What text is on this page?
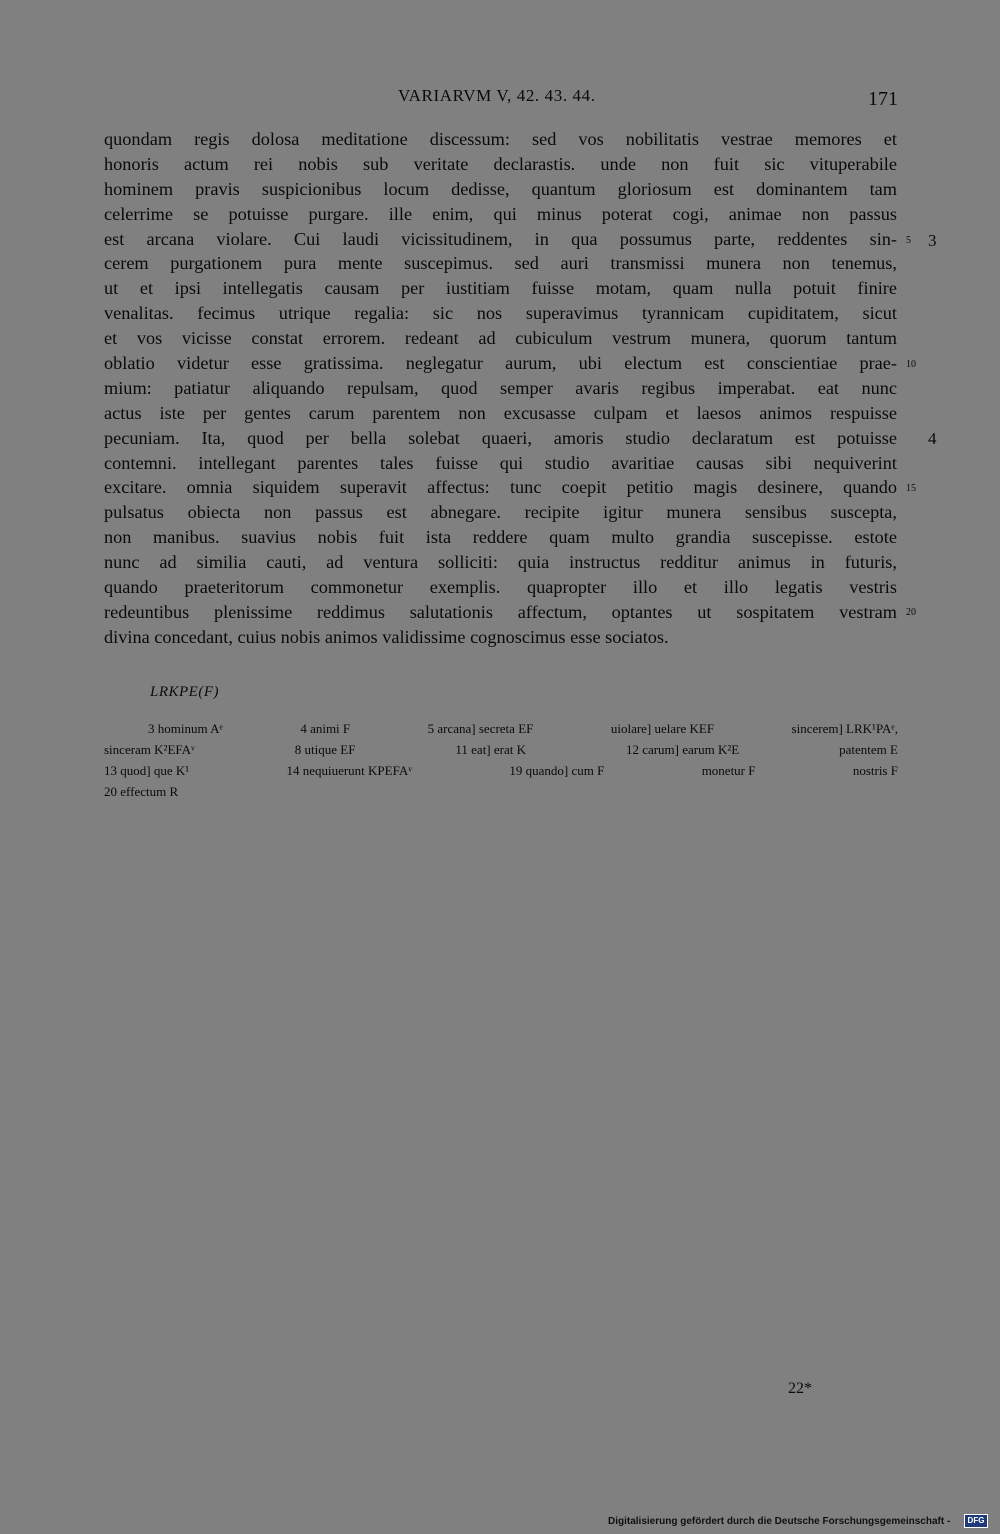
VARIARVM V, 42. 43. 44.	171
quondam regis dolosa meditatione discessum: sed vos nobilitatis vestrae memores et
honoris actum rei nobis sub veritate declarastis. unde non fuit sic vituperabile
hominem pravis suspicionibus locum dedisse, quantum gloriosum est dominantem tam
celerrime se potuisse purgare. ille enim, qui minus poterat cogi, animae non passus
est arcana violare. Cui laudi vicissitudinem, in qua possumus parte, reddentes sin-
cerem purgationem pura mente suscepimus. sed auri transmissi munera non tenemus,
ut et ipsi intellegatis causam per iustitiam fuisse motam, quam nulla potuit finire
venalitas. fecimus utrique regalia: sic nos superavimus tyrannicam cupiditatem, sicut
et vos vicisse constat errorem. redeant ad cubiculum vestrum munera, quorum tantum
oblatio videtur esse gratissima. neglegatur aurum, ubi electum est conscientiae prae-
mium: patiatur aliquando repulsam, quod semper avaris regibus imperabat. eat nunc
actus iste per gentes carum parentem non excusasse culpam et laesos animos respuisse
pecuniam. Ita, quod per bella solebat quaeri, amoris studio declaratum est potuisse
contemni. intellegant parentes tales fuisse qui studio avaritiae causas sibi nequiverint
excitare. omnia siquidem superavit affectus: tunc coepit petitio magis desinere, quando
pulsatus obiecta non passus est abnegare. recipite igitur munera sensibus suscepta,
non manibus. suavius nobis fuit ista reddere quam multo grandia suscepisse. estote
nunc ad similia cauti, ad ventura solliciti: quia instructus redditur animus in futuris,
quando praeteritorum commonetur exemplis. quapropter illo et illo legatis vestris
redeuntibus plenissime reddimus salutationis affectum, optantes ut sospitatem vestram
divina concedant, cuius nobis animos validissime cognoscimus esse sociatos.
5 3
10
4
15
20
LRKPE(F)
3 hominum Aᵉ	4 animi F	5 arcana] secreta EF	uiolare] uelare KEF	sincerem] LRK¹PAᵉ,
sinceram K²EFAᵛ	8 utique EF	11 eat] erat K	12 carum] earum K²E	patentem E
13 quod] que K¹	14 nequiuerunt KPEFAᵛ	19 quando] cum F	monetur F	nostris F
20 effectum R
22*
Digitalisierung gefördert durch die Deutsche Forschungsgemeinschaft -	DFG
